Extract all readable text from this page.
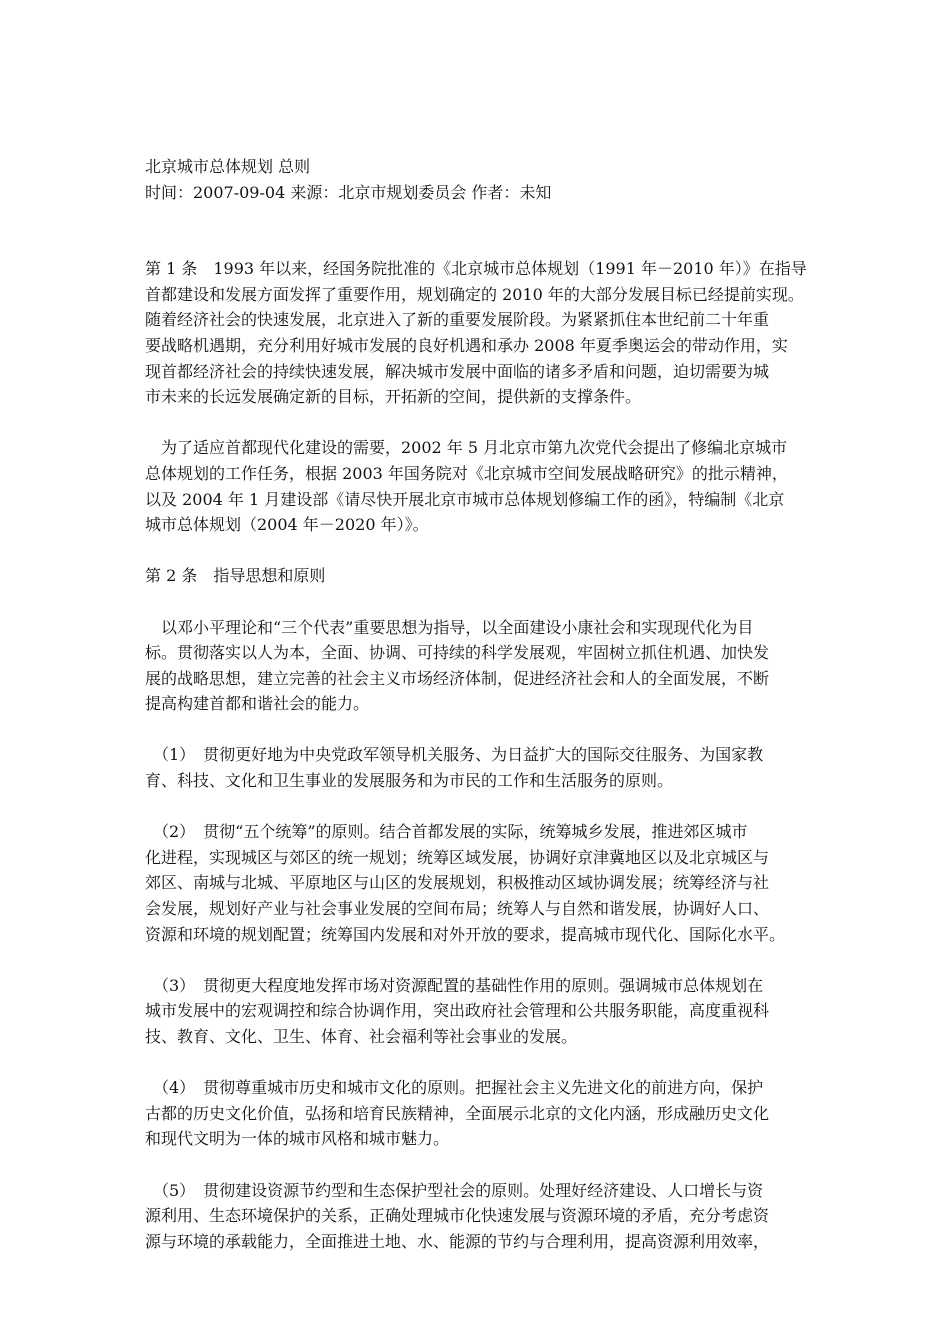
北京城市总体规划 总则
时间：2007-09-04 来源：北京市规划委员会 作者：未知
第 1 条　1993 年以来，经国务院批准的《北京城市总体规划（1991 年－2010 年）》在指导
首都建设和发展方面发挥了重要作用，规划确定的 2010 年的大部分发展目标已经提前实现。
随着经济社会的快速发展，北京进入了新的重要发展阶段。为紧紧抓住本世纪前二十年重
要战略机遇期，充分利用好城市发展的良好机遇和承办 2008 年夏季奥运会的带动作用，实
现首都经济社会的持续快速发展，解决城市发展中面临的诸多矛盾和问题，迫切需要为城
市未来的长远发展确定新的目标，开拓新的空间，提供新的支撑条件。
　为了适应首都现代化建设的需要，2002 年 5 月北京市第九次党代会提出了修编北京城市
总体规划的工作任务，根据 2003 年国务院对《北京城市空间发展战略研究》的批示精神，
以及 2004 年 1 月建设部《请尽快开展北京市城市总体规划修编工作的函》，特编制《北京
城市总体规划（2004 年－2020 年）》。
第 2 条　指导思想和原则
　以邓小平理论和“三个代表”重要思想为指导，以全面建设小康社会和实现现代化为目
标。贯彻落实以人为本，全面、协调、可持续的科学发展观，牢固树立抓住机遇、加快发
展的战略思想，建立完善的社会主义市场经济体制，促进经济社会和人的全面发展，不断
提高构建首都和谐社会的能力。
　（1）　贯彻更好地为中央党政军领导机关服务、为日益扩大的国际交往服务、为国家教
育、科技、文化和卫生事业的发展服务和为市民的工作和生活服务的原则。
　（2）　贯彻“五个统筹”的原则。结合首都发展的实际，统筹城乡发展，推进郊区城市
化进程，实现城区与郊区的统一规划；统筹区域发展，协调好京津冀地区以及北京城区与
郊区、南城与北城、平原地区与山区的发展规划，积极推动区域协调发展；统筹经济与社
会发展，规划好产业与社会事业发展的空间布局；统筹人与自然和谐发展，协调好人口、
资源和环境的规划配置；统筹国内发展和对外开放的要求，提高城市现代化、国际化水平。
　（3）　贯彻更大程度地发挥市场对资源配置的基础性作用的原则。强调城市总体规划在
城市发展中的宏观调控和综合协调作用，突出政府社会管理和公共服务职能，高度重视科
技、教育、文化、卫生、体育、社会福利等社会事业的发展。
　（4）　贯彻尊重城市历史和城市文化的原则。把握社会主义先进文化的前进方向，保护
古都的历史文化价值，弘扬和培育民族精神，全面展示北京的文化内涵，形成融历史文化
和现代文明为一体的城市风格和城市魅力。
　（5）　贯彻建设资源节约型和生态保护型社会的原则。处理好经济建设、人口增长与资
源利用、生态环境保护的关系，正确处理城市化快速发展与资源环境的矛盾，充分考虑资
源与环境的承载能力，全面推进土地、水、能源的节约与合理利用，提高资源利用效率，
